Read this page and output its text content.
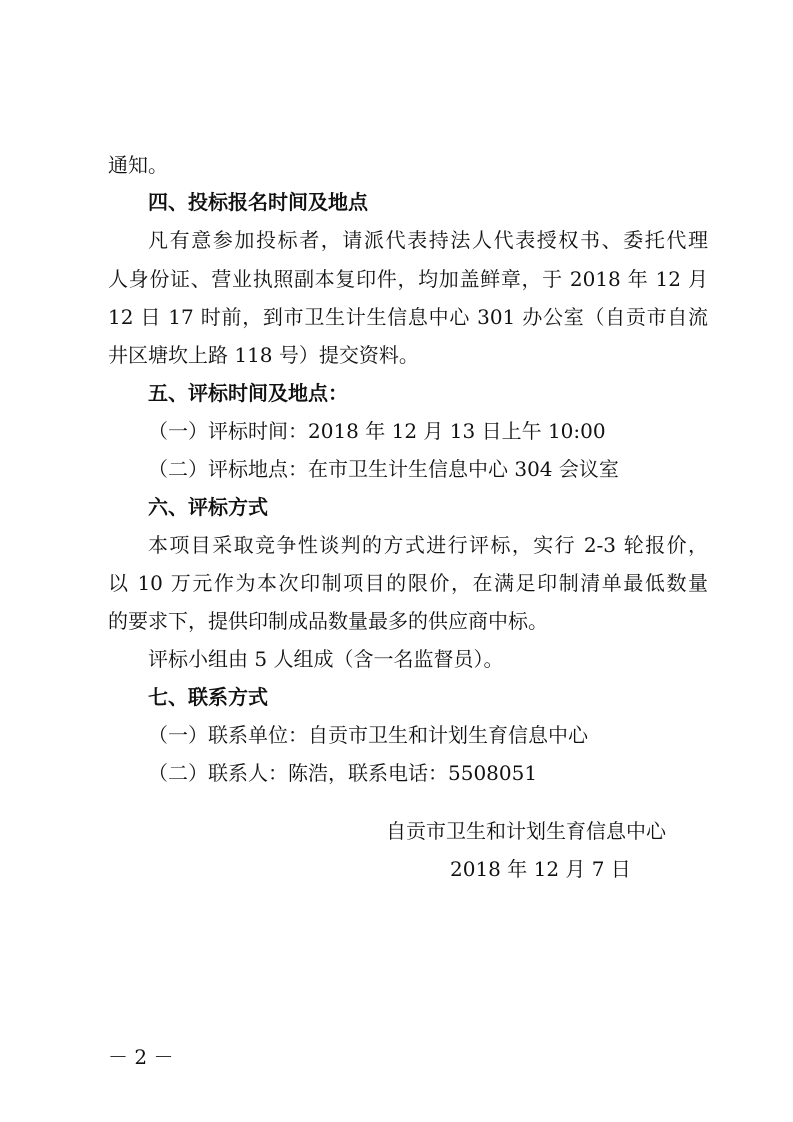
通知。
四、投标报名时间及地点
凡有意参加投标者，请派代表持法人代表授权书、委托代理
人身份证、营业执照副本复印件，均加盖鲜章，于 2018 年 12 月
12 日 17 时前，到市卫生计生信息中心 301 办公室（自贡市自流
井区塘坎上路 118 号）提交资料。
五、评标时间及地点：
（一）评标时间：2018 年 12 月 13 日上午 10:00
（二）评标地点：在市卫生计生信息中心 304 会议室
六、评标方式
本项目采取竞争性谈判的方式进行评标，实行 2-3 轮报价，
以 10 万元作为本次印制项目的限价，在满足印制清单最低数量
的要求下，提供印制成品数量最多的供应商中标。
评标小组由 5 人组成（含一名监督员）。
七、联系方式
（一）联系单位：自贡市卫生和计划生育信息中心
（二）联系人：陈浩，联系电话：5508051
自贡市卫生和计划生育信息中心
2018 年 12 月 7 日
－ 2 －
